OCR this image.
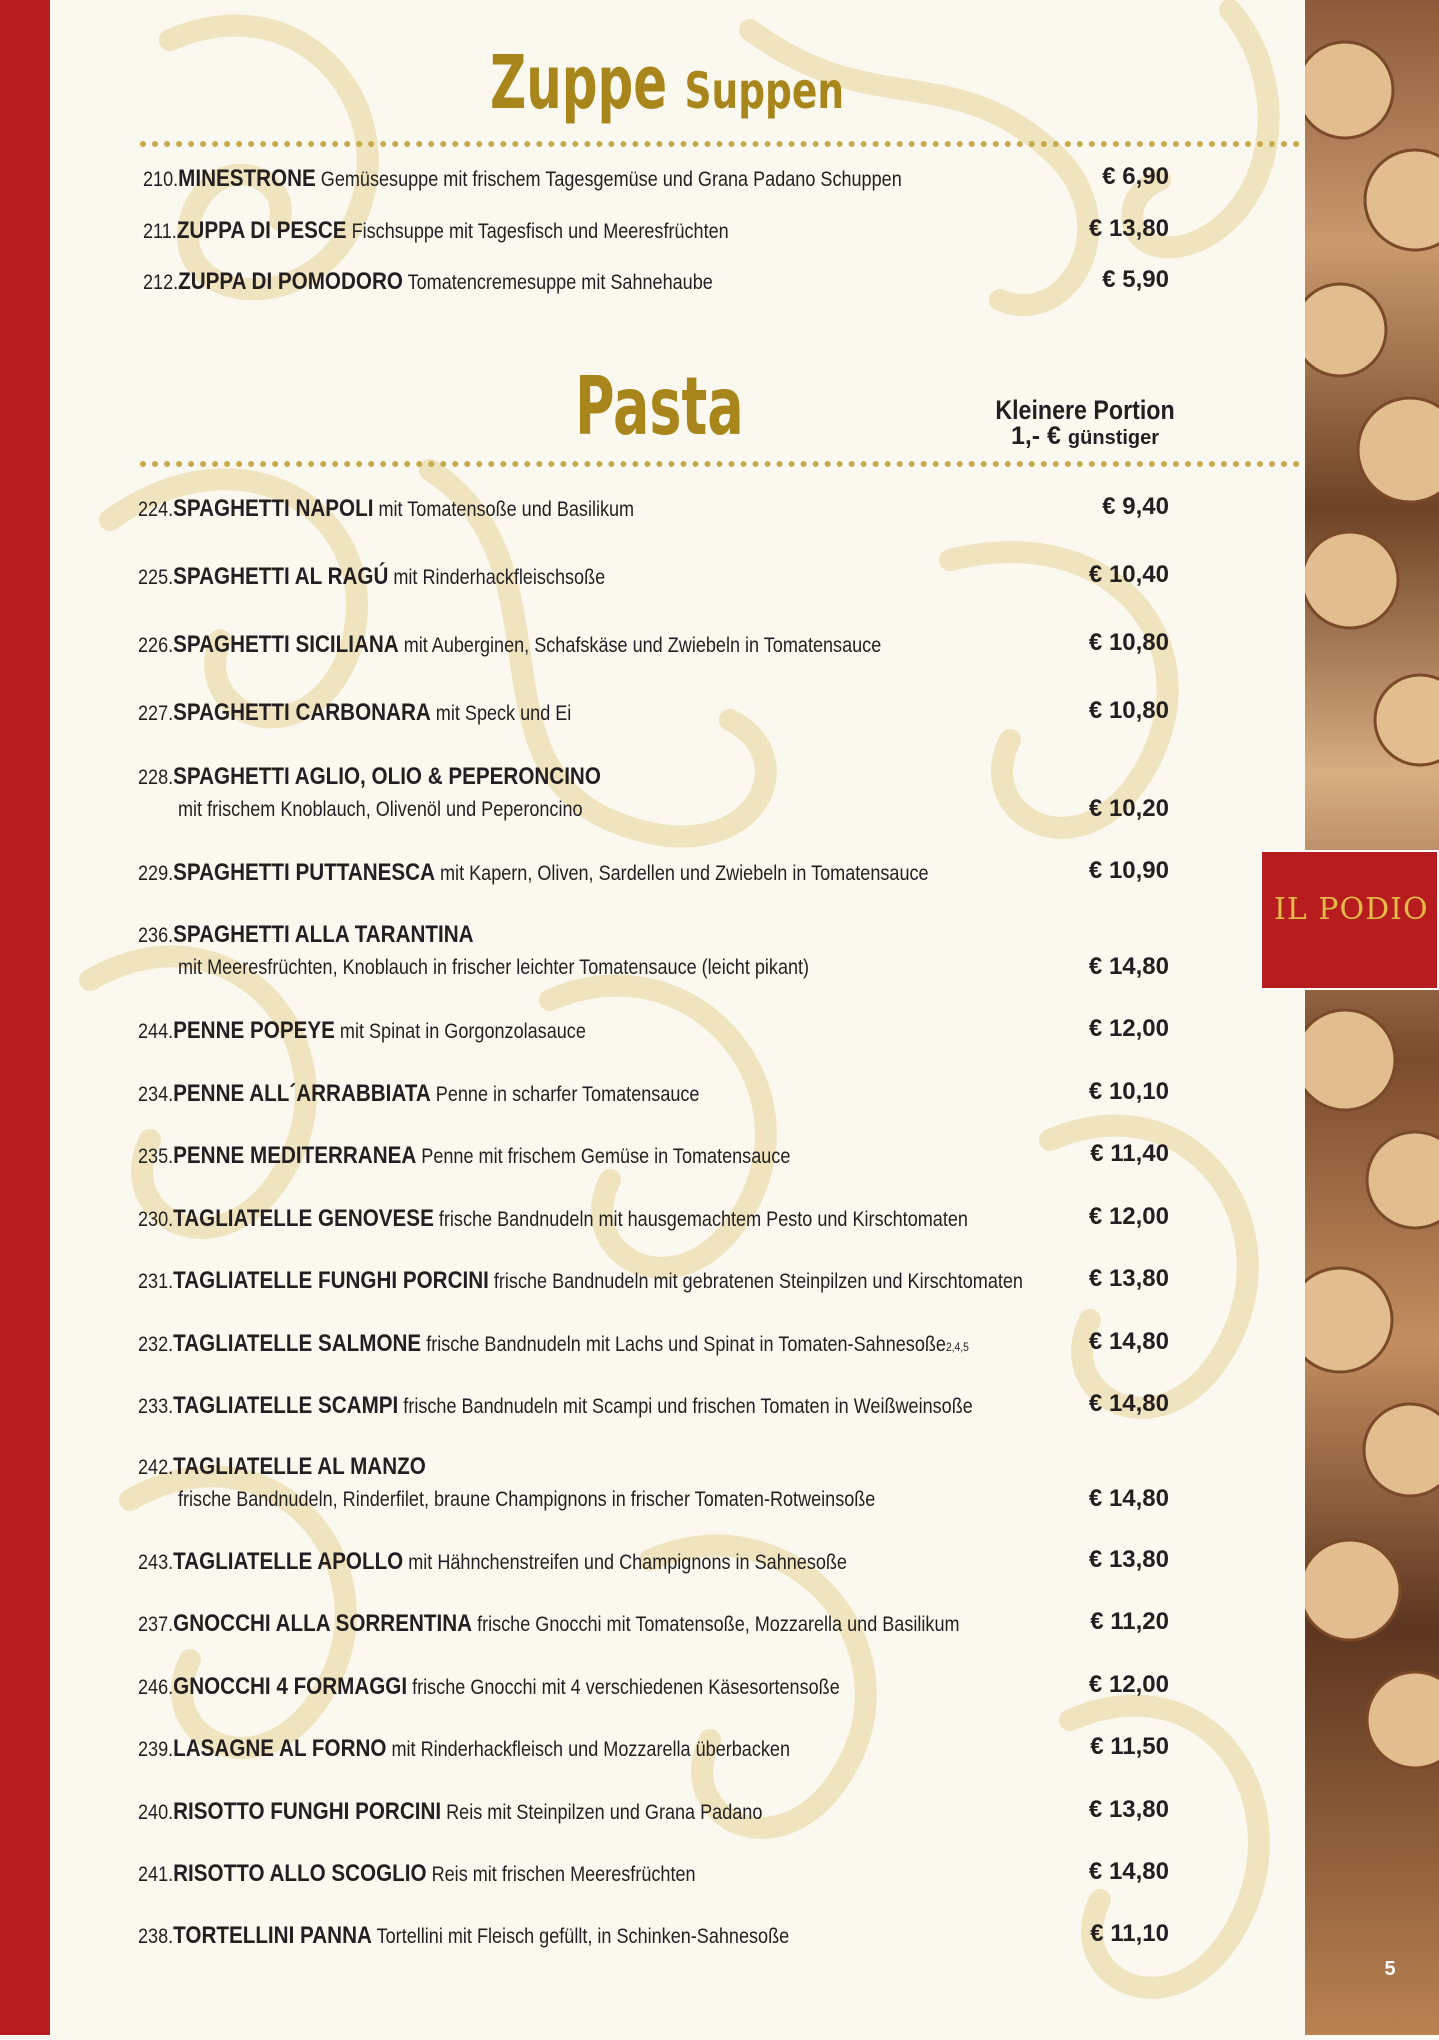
IL PODIO
5
Zuppe Suppen
210.MINESTRONE Gemüsesuppe mit frischem Tagesgemüse und Grana Padano Schuppen	€ 6,90
211.ZUPPA DI PESCE Fischsuppe mit Tagesfisch und Meeresfrüchten	€ 13,80
212.ZUPPA DI POMODORO Tomatencremesuppe mit Sahnehaube	€ 5,90
Pasta	Kleinere Portion
1,- € günstiger
224.SPAGHETTI NAPOLI mit Tomatensoße und Basilikum	€ 9,40
225.SPAGHETTI AL RAGÚ mit Rinderhackfleischsoße	€ 10,40
226.SPAGHETTI SICILIANA mit Auberginen, Schafskäse und Zwiebeln in Tomatensauce	€ 10,80
227.SPAGHETTI CARBONARA mit Speck und Ei	€ 10,80
228.SPAGHETTI AGLIO, OLIO & PEPERONCINO
mit frischem Knoblauch, Olivenöl und Peperoncino	€ 10,20
229.SPAGHETTI PUTTANESCA mit Kapern, Oliven, Sardellen und Zwiebeln in Tomatensauce	€ 10,90
236.SPAGHETTI ALLA TARANTINA
mit Meeresfrüchten, Knoblauch in frischer leichter Tomatensauce (leicht pikant)	€ 14,80
244.PENNE POPEYE mit Spinat in Gorgonzolasauce	€ 12,00
234.PENNE ALL´ARRABBIATA Penne in scharfer Tomatensauce	€ 10,10
235.PENNE MEDITERRANEA Penne mit frischem Gemüse in Tomatensauce	€ 11,40
230.TAGLIATELLE GENOVESE frische Bandnudeln mit hausgemachtem Pesto und Kirschtomaten	€ 12,00
231.TAGLIATELLE FUNGHI PORCINI frische Bandnudeln mit gebratenen Steinpilzen und Kirschtomaten	€ 13,80
232.TAGLIATELLE SALMONE frische Bandnudeln mit Lachs und Spinat in Tomaten-Sahnesoße2,4,5	€ 14,80
233.TAGLIATELLE SCAMPI frische Bandnudeln mit Scampi und frischen Tomaten in Weißweinsoße	€ 14,80
242.TAGLIATELLE AL MANZO
frische Bandnudeln, Rinderfilet, braune Champignons in frischer Tomaten-Rotweinsoße	€ 14,80
243.TAGLIATELLE APOLLO mit Hähnchenstreifen und Champignons in Sahnesoße	€ 13,80
237.GNOCCHI ALLA SORRENTINA frische Gnocchi mit Tomatensoße, Mozzarella und Basilikum	€ 11,20
246.GNOCCHI 4 FORMAGGI frische Gnocchi mit 4 verschiedenen Käsesortensoße	€ 12,00
239.LASAGNE AL FORNO mit Rinderhackfleisch und Mozzarella überbacken	€ 11,50
240.RISOTTO FUNGHI PORCINI Reis mit Steinpilzen und Grana Padano	€ 13,80
241.RISOTTO ALLO SCOGLIO Reis mit frischen Meeresfrüchten	€ 14,80
238.TORTELLINI PANNA Tortellini mit Fleisch gefüllt, in Schinken-Sahnesoße	€ 11,10
